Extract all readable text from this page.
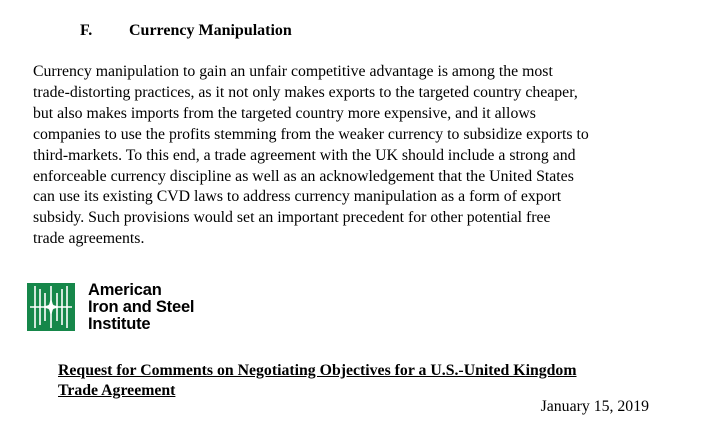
F. Currency Manipulation
Currency manipulation to gain an unfair competitive advantage is among the most
trade-distorting practices, as it not only makes exports to the targeted country cheaper,
but also makes imports from the targeted country more expensive, and it allows
companies to use the profits stemming from the weaker currency to subsidize exports to
third-markets. To this end, a trade agreement with the UK should include a strong and
enforceable currency discipline as well as an acknowledgement that the United States
can use its existing CVD laws to address currency manipulation as a form of export
subsidy. Such provisions would set an important precedent for other potential free
trade agreements.
American
Iron and Steel
Institute
Request for Comments on Negotiating Objectives for a U.S.-United Kingdom
Trade Agreement
January 15, 2019
